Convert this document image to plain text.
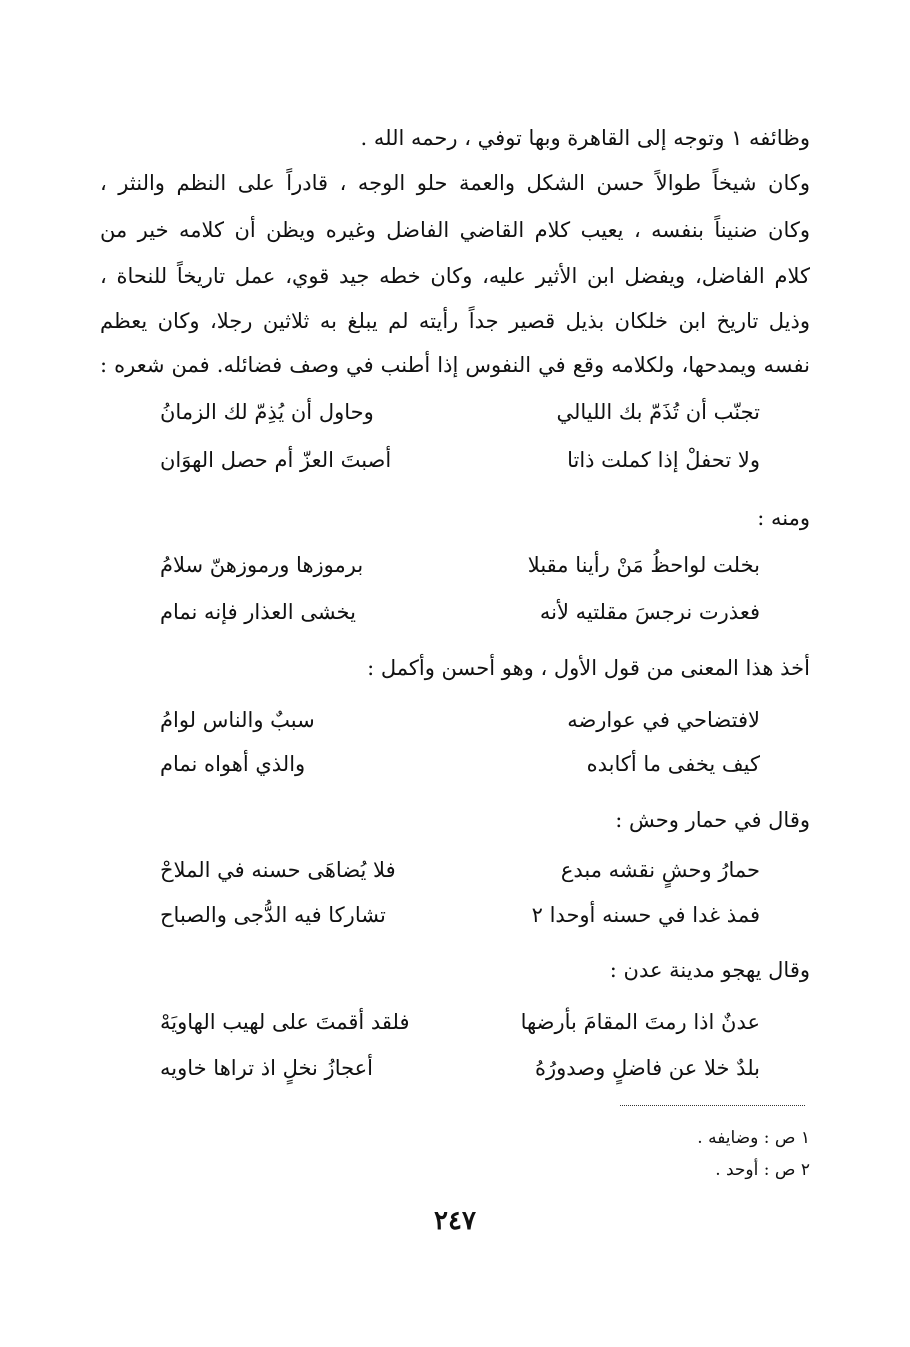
وظائفه ١ وتوجه إلى القاهرة وبها توفي ، رحمه الله .
وكان شيخاً طوالاً حسن الشكل والعمة حلو الوجه ، قادراً على النظم والنثر ،
وكان ضنيناً بنفسه ، يعيب كلام القاضي الفاضل وغيره ويظن أن كلامه خير من
كلام الفاضل، ويفضل ابن الأثير عليه، وكان خطه جيد قوي، عمل تاريخاً للنحاة ،
وذيل تاريخ ابن خلكان بذيل قصير جداً رأيته لم يبلغ به ثلاثين رجلا، وكان يعظم
نفسه ويمدحها، ولكلامه وقع في النفوس إذا أطنب في وصف فضائله. فمن شعره :
تجنّب أن تُذَمّ بك الليالي
وحاول أن يُذِمّ لك الزمانُ
ولا تحفلْ إذا كملت ذاتا
أصبتَ العزّ أم حصل الهوَان
ومنه :
بخلت لواحظُ مَنْ رأينا مقبلا
برموزها ورموزهنّ سلامُ
فعذرت نرجسَ مقلتيه لأنه
يخشى العذار فإنه نمام
أخذ هذا المعنى من قول الأول ، وهو أحسن وأكمل :
لافتضاحي في عوارضه
سببٌ والناس لوامُ
كيف يخفى ما أكابده
والذي أهواه نمام
وقال في حمار وحش :
حمارُ وحشٍ نقشه مبدع
فلا يُضاهَى حسنه في الملاحْ
فمذ غدا في حسنه أوحدا ٢
تشاركا فيه الدُّجى والصباح
وقال يهجو مدينة عدن :
عدنٌ اذا رمتَ المقامَ بأرضها
فلقد أقمتَ على لهيب الهاويَهْ
بلدٌ خلا عن فاضلٍ وصدورُهُ
أعجازُ نخلٍ اذ تراها خاويه
١ ص : وضايفه .
٢ ص : أوحد .
٢٤٧
